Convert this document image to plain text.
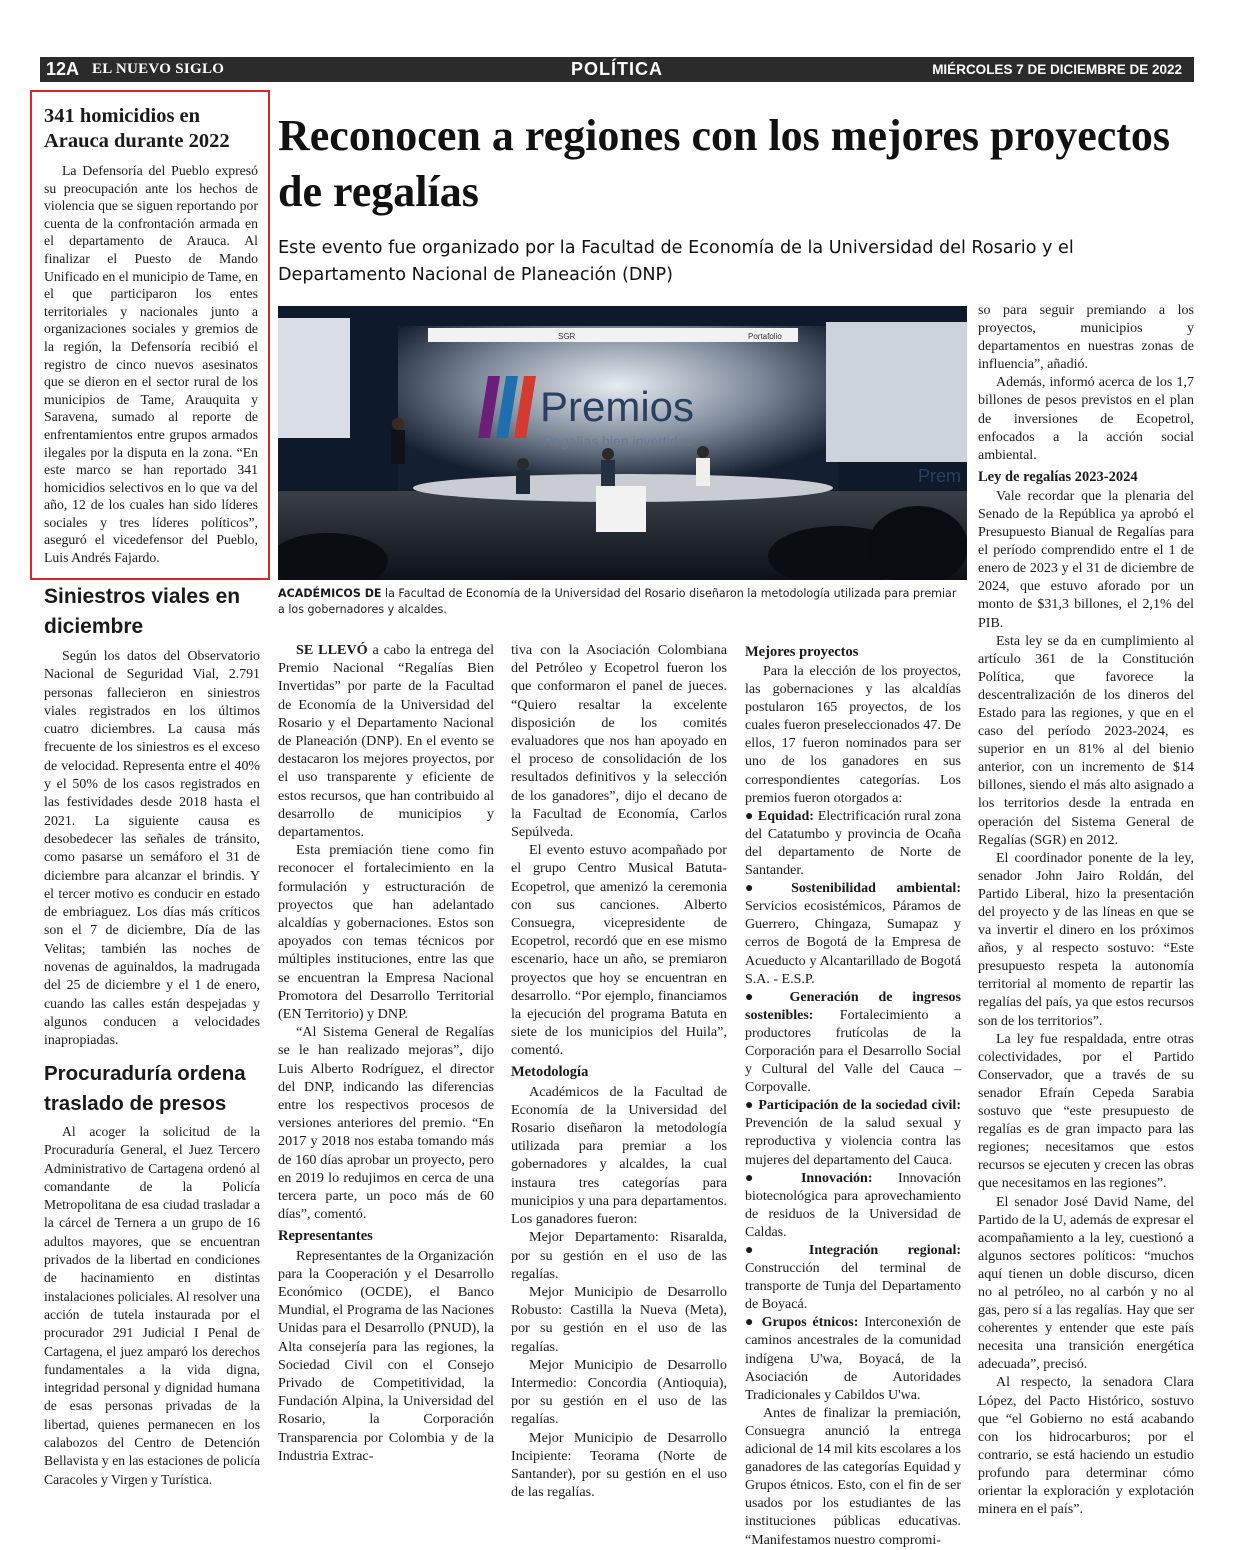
12A EL NUEVO SIGLO	POLÍTICA	MIÉRCOLES 7 DE DICIEMBRE DE 2022
341 homicidios en Arauca durante 2022

La Defensoría del Pueblo expresó su preocupación ante los hechos de violencia que se siguen reportando por cuenta de la confrontación armada en el departamento de Arauca. Al finalizar el Puesto de Mando Unificado en el municipio de Tame, en el que participaron los entes territoriales y nacionales junto a organizaciones sociales y gremios de la región, la Defensoría recibió el registro de cinco nuevos asesinatos que se dieron en el sector rural de los municipios de Tame, Arauquita y Saravena, sumado al reporte de enfrentamientos entre grupos armados ilegales por la disputa en la zona. “En este marco se han reportado 341 homicidios selectivos en lo que va del año, 12 de los cuales han sido líderes sociales y tres líderes políticos”, aseguró el vicedefensor del Pueblo, Luis Andrés Fajardo.

Siniestros viales en diciembre

Según los datos del Observatorio Nacional de Seguridad Vial, 2.791 personas fallecieron en siniestros viales registrados en los últimos cuatro diciembres. La causa más frecuente de los siniestros es el exceso de velocidad. Representa entre el 40% y el 50% de los casos registrados en las festividades desde 2018 hasta el 2021. La siguiente causa es desobedecer las señales de tránsito, como pasarse un semáforo el 31 de diciembre para alcanzar el brindis. Y el tercer motivo es conducir en estado de embriaguez. Los días más críticos son el 7 de diciembre, Día de las Velitas; también las noches de novenas de aguinaldos, la madrugada del 25 de diciembre y el 1 de enero, cuando las calles están despejadas y algunos conducen a velocidades inapropiadas.

Procuraduría ordena traslado de presos

Al acoger la solicitud de la Procuraduría General, el Juez Tercero Administrativo de Cartagena ordenó al comandante de la Policía Metropolitana de esa ciudad trasladar a la cárcel de Ternera a un grupo de 16 adultos mayores, que se encuentran privados de la libertad en condiciones de hacinamiento en distintas instalaciones policiales. Al resolver una acción de tutela instaurada por el procurador 291 Judicial I Penal de Cartagena, el juez amparó los derechos fundamentales a la vida digna, integridad personal y dignidad humana de esas personas privadas de la libertad, quienes permanecen en los calabozos del Centro de Detención Bellavista y en las estaciones de policía Caracoles y Virgen y Turística.

Reconocen a regiones con los mejores proyectos de regalías
Este evento fue organizado por la Facultad de Economía de la Universidad del Rosario y el Departamento Nacional de Planeación (DNP)
Premios
Regalías bien invertidas
Prem
SGR	Portafolio
ACADÉMICOS DE la Facultad de Economía de la Universidad del Rosario diseñaron la metodología utilizada para premiar a los gobernadores y alcaldes.

SE LLEVÓ a cabo la entrega del Premio Nacional “Regalías Bien Invertidas” por parte de la Facultad de Economía de la Universidad del Rosario y el Departamento Nacional de Planeación (DNP). En el evento se destacaron los mejores proyectos, por el uso transparente y eficiente de estos recursos, que han contribuido al desarrollo de municipios y departamentos.

Esta premiación tiene como fin reconocer el fortalecimiento en la formulación y estructuración de proyectos que han adelantado alcaldías y gobernaciones. Estos son apoyados con temas técnicos por múltiples instituciones, entre las que se encuentran la Empresa Nacional Promotora del Desarrollo Territorial (EN Territorio) y DNP.

“Al Sistema General de Regalías se le han realizado mejoras”, dijo Luis Alberto Rodríguez, el director del DNP, indicando las diferencias entre los respectivos procesos de versiones anteriores del premio. “En 2017 y 2018 nos estaba tomando más de 160 días aprobar un proyecto, pero en 2019 lo redujimos en cerca de una tercera parte, un poco más de 60 días”, comentó.

Representantes

Representantes de la Organización para la Cooperación y el Desarrollo Económico (OCDE), el Banco Mundial, el Programa de las Naciones Unidas para el Desarrollo (PNUD), la Alta consejería para las regiones, la Sociedad Civil con el Consejo Privado de Competitividad, la Fundación Alpina, la Universidad del Rosario, la Corporación Transparencia por Colombia y de la Industria Extrac-

tiva con la Asociación Colombiana del Petróleo y Ecopetrol fueron los que conformaron el panel de jueces. “Quiero resaltar la excelente disposición de los comités evaluadores que nos han apoyado en el proceso de consolidación de los resultados definitivos y la selección de los ganadores”, dijo el decano de la Facultad de Economía, Carlos Sepúlveda.

El evento estuvo acompañado por el grupo Centro Musical Batuta-Ecopetrol, que amenizó la ceremonia con sus canciones. Alberto Consuegra, vicepresidente de Ecopetrol, recordó que en ese mismo escenario, hace un año, se premiaron proyectos que hoy se encuentran en desarrollo. “Por ejemplo, financiamos la ejecución del programa Batuta en siete de los municipios del Huila”, comentó.

Metodología

Académicos de la Facultad de Economía de la Universidad del Rosario diseñaron la metodología utilizada para premiar a los gobernadores y alcaldes, la cual instaura tres categorías para municipios y una para departamentos. Los ganadores fueron:

Mejor Departamento: Risaralda, por su gestión en el uso de las regalías.

Mejor Municipio de Desarrollo Robusto: Castilla la Nueva (Meta), por su gestión en el uso de las regalías.

Mejor Municipio de Desarrollo Intermedio: Concordia (Antioquia), por su gestión en el uso de las regalías.

Mejor Municipio de Desarrollo Incipiente: Teorama (Norte de Santander), por su gestión en el uso de las regalías.

Mejores proyectos

Para la elección de los proyectos, las gobernaciones y las alcaldías postularon 165 proyectos, de los cuales fueron preseleccionados 47. De ellos, 17 fueron nominados para ser uno de los ganadores en sus correspondientes categorías. Los premios fueron otorgados a:

● Equidad: Electrificación rural zona del Catatumbo y provincia de Ocaña del departamento de Norte de Santander.

● Sostenibilidad ambiental: Servicios ecosistémicos, Páramos de Guerrero, Chingaza, Sumapaz y cerros de Bogotá de la Empresa de Acueducto y Alcantarillado de Bogotá S.A. - E.S.P.

● Generación de ingresos sostenibles: Fortalecimiento a productores frutícolas de la Corporación para el Desarrollo Social y Cultural del Valle del Cauca – Corpovalle.

● Participación de la sociedad civil: Prevención de la salud sexual y reproductiva y violencia contra las mujeres del departamento del Cauca.

● Innovación: Innovación biotecnológica para aprovechamiento de residuos de la Universidad de Caldas.

● Integración regional: Construcción del terminal de transporte de Tunja del Departamento de Boyacá.

● Grupos étnicos: Interconexión de caminos ancestrales de la comunidad indígena U'wa, Boyacá, de la Asociación de Autoridades Tradicionales y Cabildos U'wa.

Antes de finalizar la premiación, Consuegra anunció la entrega adicional de 14 mil kits escolares a los ganadores de las categorías Equidad y Grupos étnicos. Esto, con el fin de ser usados por los estudiantes de las instituciones públicas educativas. “Manifestamos nuestro compromi-

so para seguir premiando a los proyectos, municipios y departamentos en nuestras zonas de influencia”, añadió.

Además, informó acerca de los 1,7 billones de pesos previstos en el plan de inversiones de Ecopetrol, enfocados a la acción social ambiental.

Ley de regalías 2023-2024

Vale recordar que la plenaria del Senado de la República ya aprobó el Presupuesto Bianual de Regalías para el período comprendido entre el 1 de enero de 2023 y el 31 de diciembre de 2024, que estuvo aforado por un monto de $31,3 billones, el 2,1% del PIB.

Esta ley se da en cumplimiento al artículo 361 de la Constitución Política, que favorece la descentralización de los dineros del Estado para las regiones, y que en el caso del período 2023-2024, es superior en un 81% al del bienio anterior, con un incremento de $14 billones, siendo el más alto asignado a los territorios desde la entrada en operación del Sistema General de Regalías (SGR) en 2012.

El coordinador ponente de la ley, senador John Jairo Roldán, del Partido Liberal, hizo la presentación del proyecto y de las líneas en que se va invertir el dinero en los próximos años, y al respecto sostuvo: “Este presupuesto respeta la autonomía territorial al momento de repartir las regalías del país, ya que estos recursos son de los territorios”.

La ley fue respaldada, entre otras colectividades, por el Partido Conservador, que a través de su senador Efraín Cepeda Sarabia sostuvo que “este presupuesto de regalías es de gran impacto para las regiones; necesitamos que estos recursos se ejecuten y crecen las obras que necesitamos en las regiones”.

El senador José David Name, del Partido de la U, además de expresar el acompañamiento a la ley, cuestionó a algunos sectores políticos: “muchos aquí tienen un doble discurso, dicen no al petróleo, no al carbón y no al gas, pero sí a las regalías. Hay que ser coherentes y entender que este país necesita una transición energética adecuada”, precisó.

Al respecto, la senadora Clara López, del Pacto Histórico, sostuvo que “el Gobierno no está acabando con los hidrocarburos; por el contrario, se está haciendo un estudio profundo para determinar cómo orientar la exploración y explotación minera en el país”.
